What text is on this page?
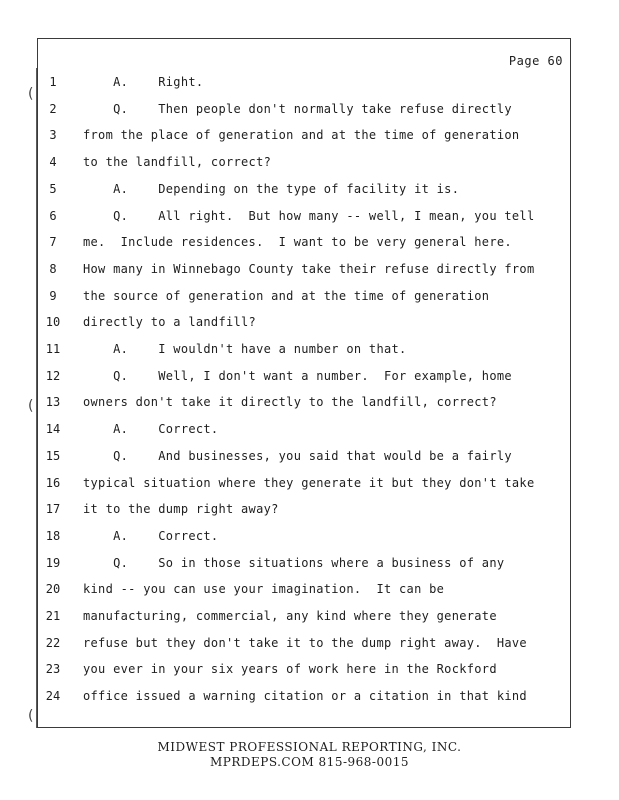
(
(
(
Page 60
1	A.    Right.
2	Q.    Then people don't normally take refuse directly
3	from the place of generation and at the time of generation
4	to the landfill, correct?
5	A.    Depending on the type of facility it is.
6	Q.    All right.  But how many -- well, I mean, you tell
7	me.  Include residences.  I want to be very general here.
8	How many in Winnebago County take their refuse directly from
9	the source of generation and at the time of generation
10	directly to a landfill?
11	A.    I wouldn't have a number on that.
12	Q.    Well, I don't want a number.  For example, home
13	owners don't take it directly to the landfill, correct?
14	A.    Correct.
15	Q.    And businesses, you said that would be a fairly
16	typical situation where they generate it but they don't take
17	it to the dump right away?
18	A.    Correct.
19	Q.    So in those situations where a business of any
20	kind -- you can use your imagination.  It can be
21	manufacturing, commercial, any kind where they generate
22	refuse but they don't take it to the dump right away.  Have
23	you ever in your six years of work here in the Rockford
24	office issued a warning citation or a citation in that kind
MIDWEST PROFESSIONAL REPORTING, INC.
MPRDEPS.COM 815-968-0015
